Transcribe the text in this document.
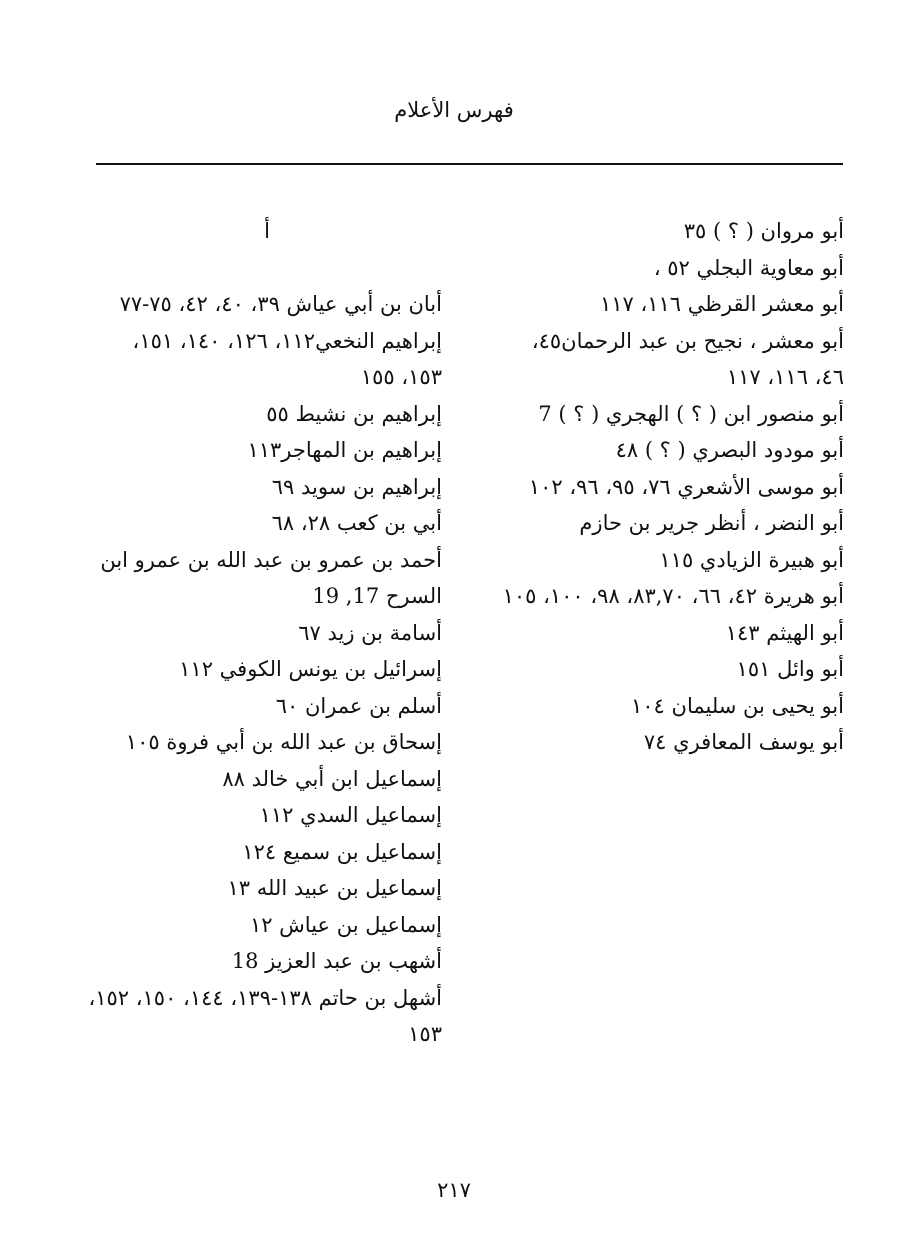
فهرس الأعلام

أبو مروان ( ؟ ) ٣٥

أبو معاوية البجلي ٥٢ ،

أبو معشر القرظي ١١٦، ١١٧

أبو معشر ، نجيح بن عبد الرحمان٤٥، ٤٦، ١١٦، ١١٧

أبو منصور ابن ( ؟ ) الهجري ( ؟ ) 7

أبو مودود البصري ( ؟ ) ٤٨

أبو موسى الأشعري ٧٦، ٩٥، ٩٦، ١٠٢

أبو النضر ، أنظر جرير بن حازم

أبو هبيرة الزيادي ١١٥

أبو هريرة ٤٢، ٦٦، ٨٣,٧٠، ٩٨، ١٠٠، ١٠٥

أبو الهيثم ١٤٣

أبو وائل ١٥١

أبو يحيى بن سليمان ١٠٤

أبو يوسف المعافري ٧٤

أ

أبان بن أبي عياش ٣٩، ٤٠، ٤٢، ٧٥-٧٧

إبراهيم النخعي١١٢، ١٢٦، ١٤٠، ١٥١، ١٥٣، ١٥٥

إبراهيم بن نشيط ٥٥

إبراهيم بن المهاجر١١٣

إبراهيم بن سويد ٦٩

أبي بن كعب ٢٨، ٦٨

أحمد بن عمرو بن عبد الله بن عمرو ابن السرح 17, 19

أسامة بن زيد ٦٧

إسرائيل بن يونس الكوفي ١١٢

أسلم بن عمران ٦٠

إسحاق بن عبد الله بن أبي فروة ١٠٥

إسماعيل ابن أبي خالد ٨٨

إسماعيل السدي ١١٢

إسماعيل بن سميع ١٢٤

إسماعيل بن عبيد الله ١٣

إسماعيل بن عياش ١٢

أشهب بن عبد العزيز 18

أشهل بن حاتم ١٣٨-١٣٩، ١٤٤، ١٥٠، ١٥٢، ١٥٣

٢١٧
